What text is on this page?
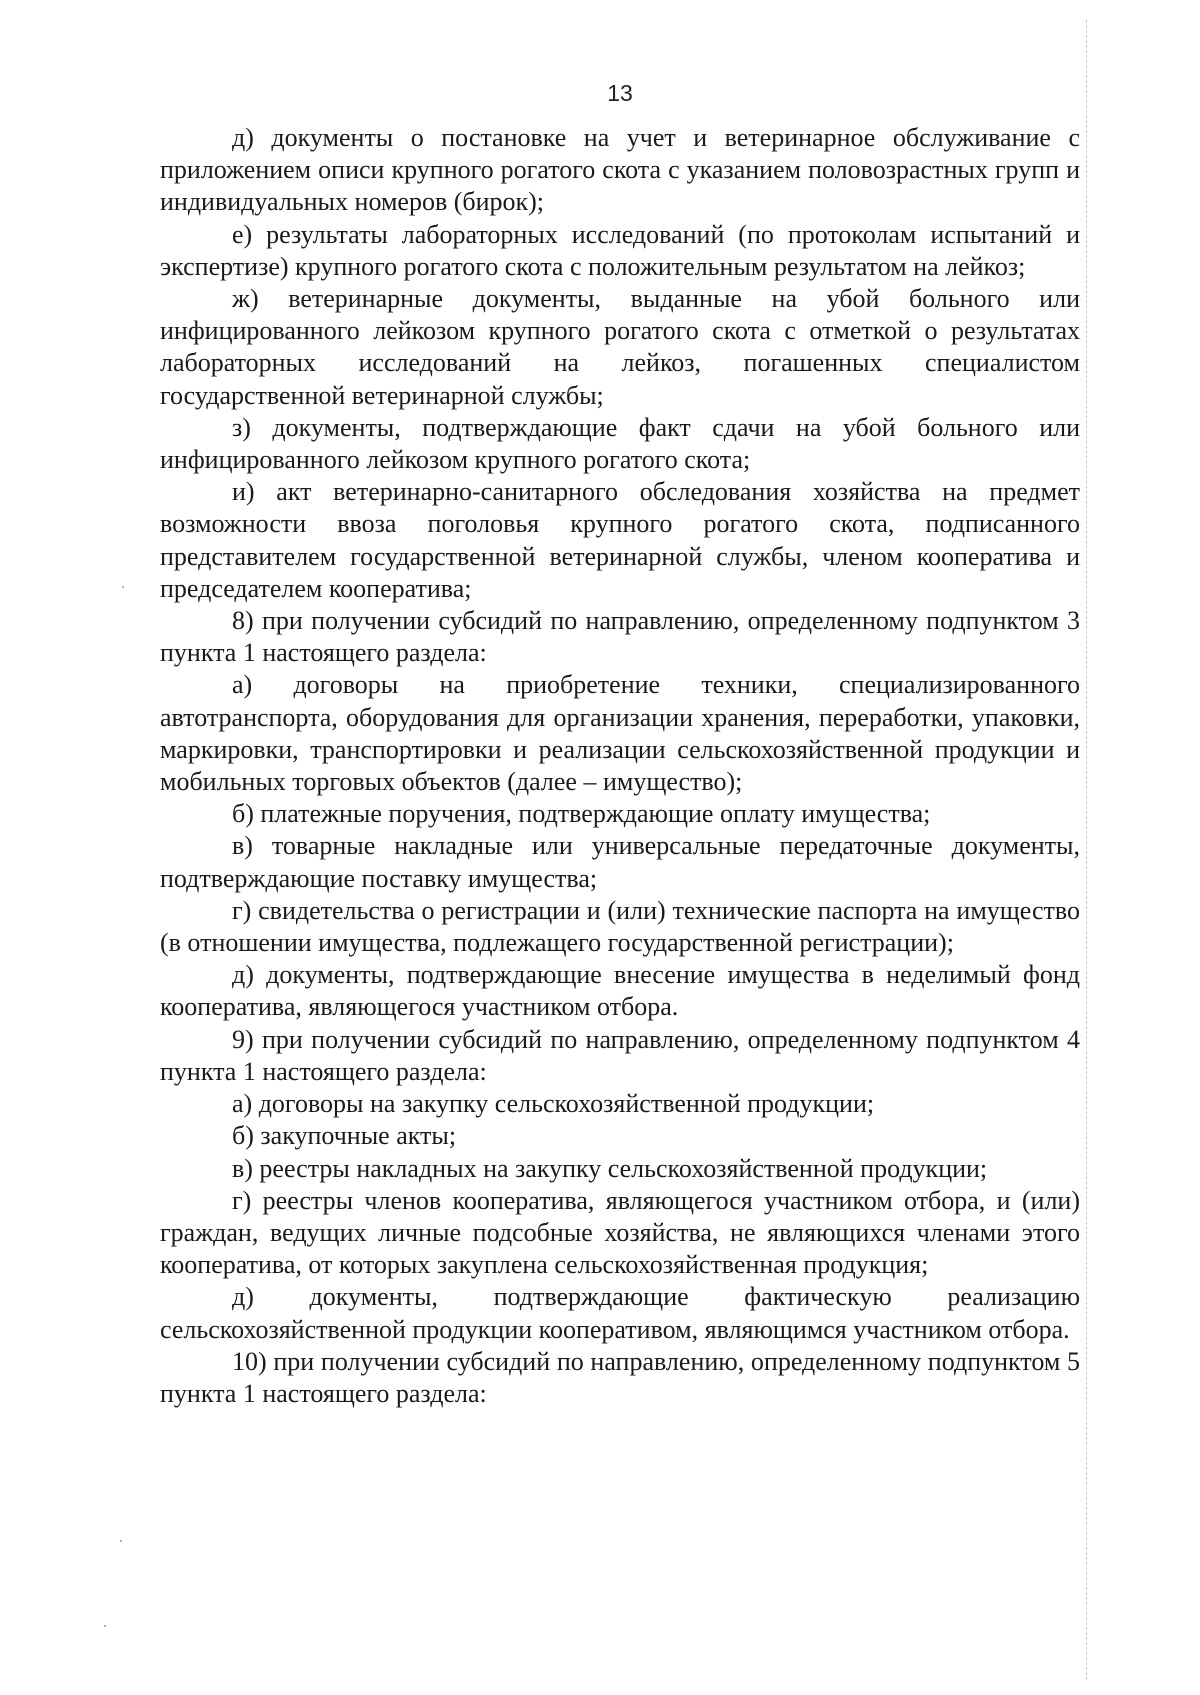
13

д) документы о постановке на учет и ветеринарное обслуживание с приложением описи крупного рогатого скота с указанием половозрастных групп и индивидуальных номеров (бирок);

е) результаты лабораторных исследований (по протоколам испытаний и экспертизе) крупного рогатого скота с положительным результатом на лейкоз;

ж) ветеринарные документы, выданные на убой больного или инфицированного лейкозом крупного рогатого скота с отметкой о результатах лабораторных исследований на лейкоз, погашенных специалистом государственной ветеринарной службы;

з) документы, подтверждающие факт сдачи на убой больного или инфицированного лейкозом крупного рогатого скота;

и) акт ветеринарно-санитарного обследования хозяйства на предмет возможности ввоза поголовья крупного рогатого скота, подписанного представителем государственной ветеринарной службы, членом кооператива и председателем кооператива;

8) при получении субсидий по направлению, определенному подпунктом 3 пункта 1 настоящего раздела:

а) договоры на приобретение техники, специализированного автотранспорта, оборудования для организации хранения, переработки, упаковки, маркировки, транспортировки и реализации сельскохозяйственной продукции и мобильных торговых объектов (далее – имущество);

б) платежные поручения, подтверждающие оплату имущества;

в) товарные накладные или универсальные передаточные документы, подтверждающие поставку имущества;

г) свидетельства о регистрации и (или) технические паспорта на имущество (в отношении имущества, подлежащего государственной регистрации);

д) документы, подтверждающие внесение имущества в неделимый фонд кооператива, являющегося участником отбора.

9) при получении субсидий по направлению, определенному подпунктом 4 пункта 1 настоящего раздела:

а) договоры на закупку сельскохозяйственной продукции;

б) закупочные акты;

в) реестры накладных на закупку сельскохозяйственной продукции;

г) реестры членов кооператива, являющегося участником отбора, и (или) граждан, ведущих личные подсобные хозяйства, не являющихся членами этого кооператива, от которых закуплена сельскохозяйственная продукция;

д) документы, подтверждающие фактическую реализацию сельскохозяйственной продукции кооперативом, являющимся участником отбора.

10) при получении субсидий по направлению, определенному подпунктом 5 пункта 1 настоящего раздела:
